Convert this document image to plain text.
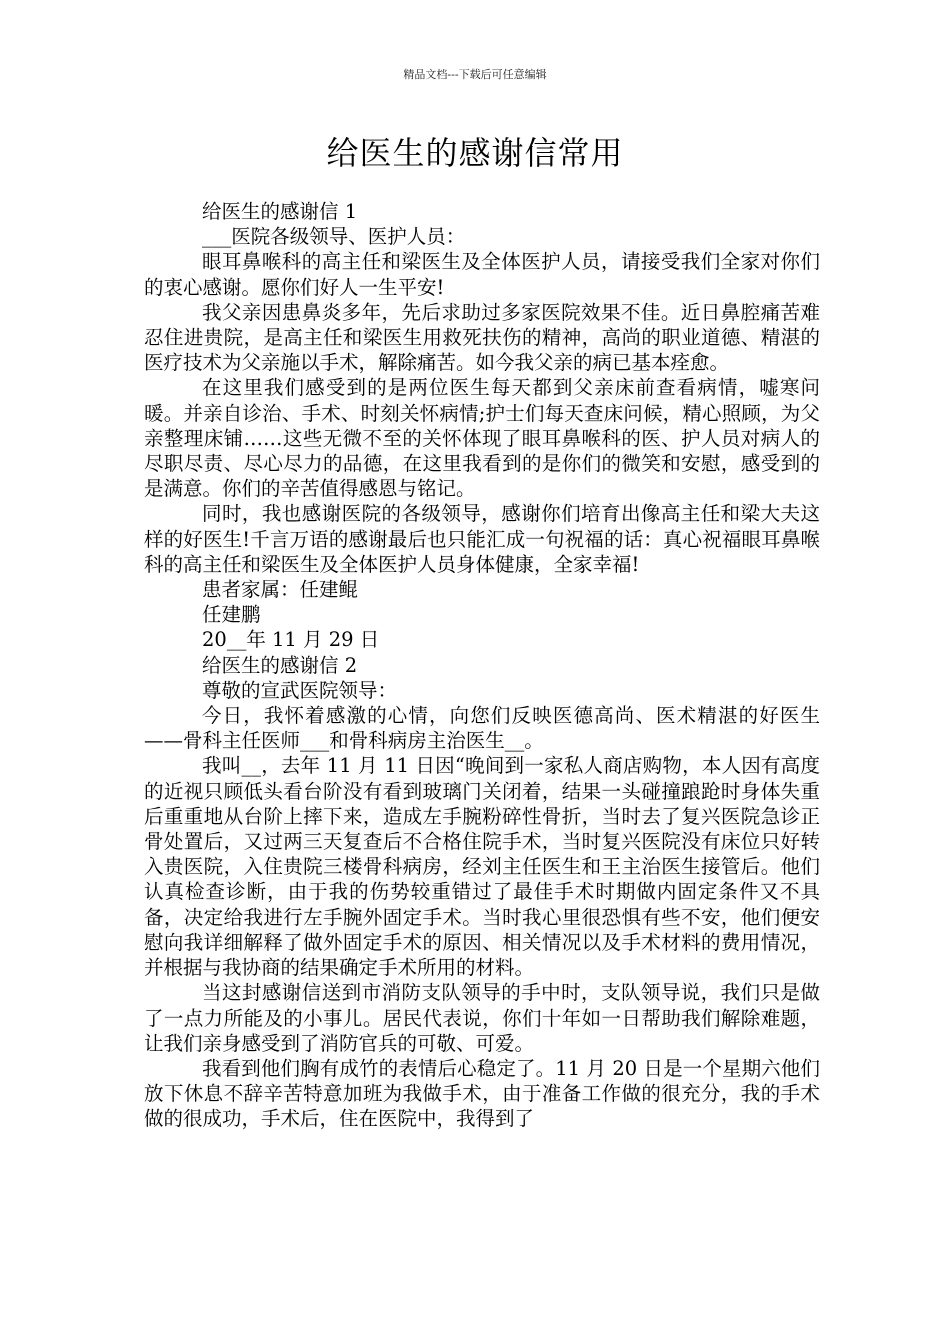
精品文档---下载后可任意编辑
给医生的感谢信常用

给医生的感谢信 1

___医院各级领导、医护人员：

眼耳鼻喉科的高主任和梁医生及全体医护人员，请接受我们全家对你们的衷心感谢。愿你们好人一生平安!

我父亲因患鼻炎多年，先后求助过多家医院效果不佳。近日鼻腔痛苦难忍住进贵院，是高主任和梁医生用救死扶伤的精神，高尚的职业道德、精湛的医疗技术为父亲施以手术，解除痛苦。如今我父亲的病已基本痊愈。

在这里我们感受到的是两位医生每天都到父亲床前查看病情，嘘寒问暖。并亲自诊治、手术、时刻关怀病情;护士们每天查床问候，精心照顾，为父亲整理床铺……这些无微不至的关怀体现了眼耳鼻喉科的医、护人员对病人的尽职尽责、尽心尽力的品德，在这里我看到的是你们的微笑和安慰，感受到的是满意。你们的辛苦值得感恩与铭记。

同时，我也感谢医院的各级领导，感谢你们培育出像高主任和梁大夫这样的好医生!千言万语的感谢最后也只能汇成一句祝福的话：真心祝福眼耳鼻喉科的高主任和梁医生及全体医护人员身体健康，全家幸福!

患者家属：任建鲲

任建鹏

20__年 11 月 29 日

给医生的感谢信 2

尊敬的宣武医院领导：

今日，我怀着感激的心情，向您们反映医德高尚、医术精湛的好医生——骨科主任医师___和骨科病房主治医生__。

我叫__，去年 11 月 11 日因“晚间到一家私人商店购物，本人因有高度的近视只顾低头看台阶没有看到玻璃门关闭着，结果一头碰撞踉跄时身体失重后重重地从台阶上摔下来，造成左手腕粉碎性骨折，当时去了复兴医院急诊正骨处置后，又过两三天复查后不合格住院手术，当时复兴医院没有床位只好转入贵医院，入住贵院三楼骨科病房，经刘主任医生和王主治医生接管后。他们认真检查诊断，由于我的伤势较重错过了最佳手术时期做内固定条件又不具备，决定给我进行左手腕外固定手术。当时我心里很恐惧有些不安，他们便安慰向我详细解释了做外固定手术的原因、相关情况以及手术材料的费用情况，并根据与我协商的结果确定手术所用的材料。

当这封感谢信送到市消防支队领导的手中时，支队领导说，我们只是做了一点力所能及的小事儿。居民代表说，你们十年如一日帮助我们解除难题，让我们亲身感受到了消防官兵的可敬、可爱。

我看到他们胸有成竹的表情后心稳定了。11 月 20 日是一个星期六他们放下休息不辞辛苦特意加班为我做手术，由于准备工作做的很充分，我的手术做的很成功，手术后，住在医院中，我得到了
